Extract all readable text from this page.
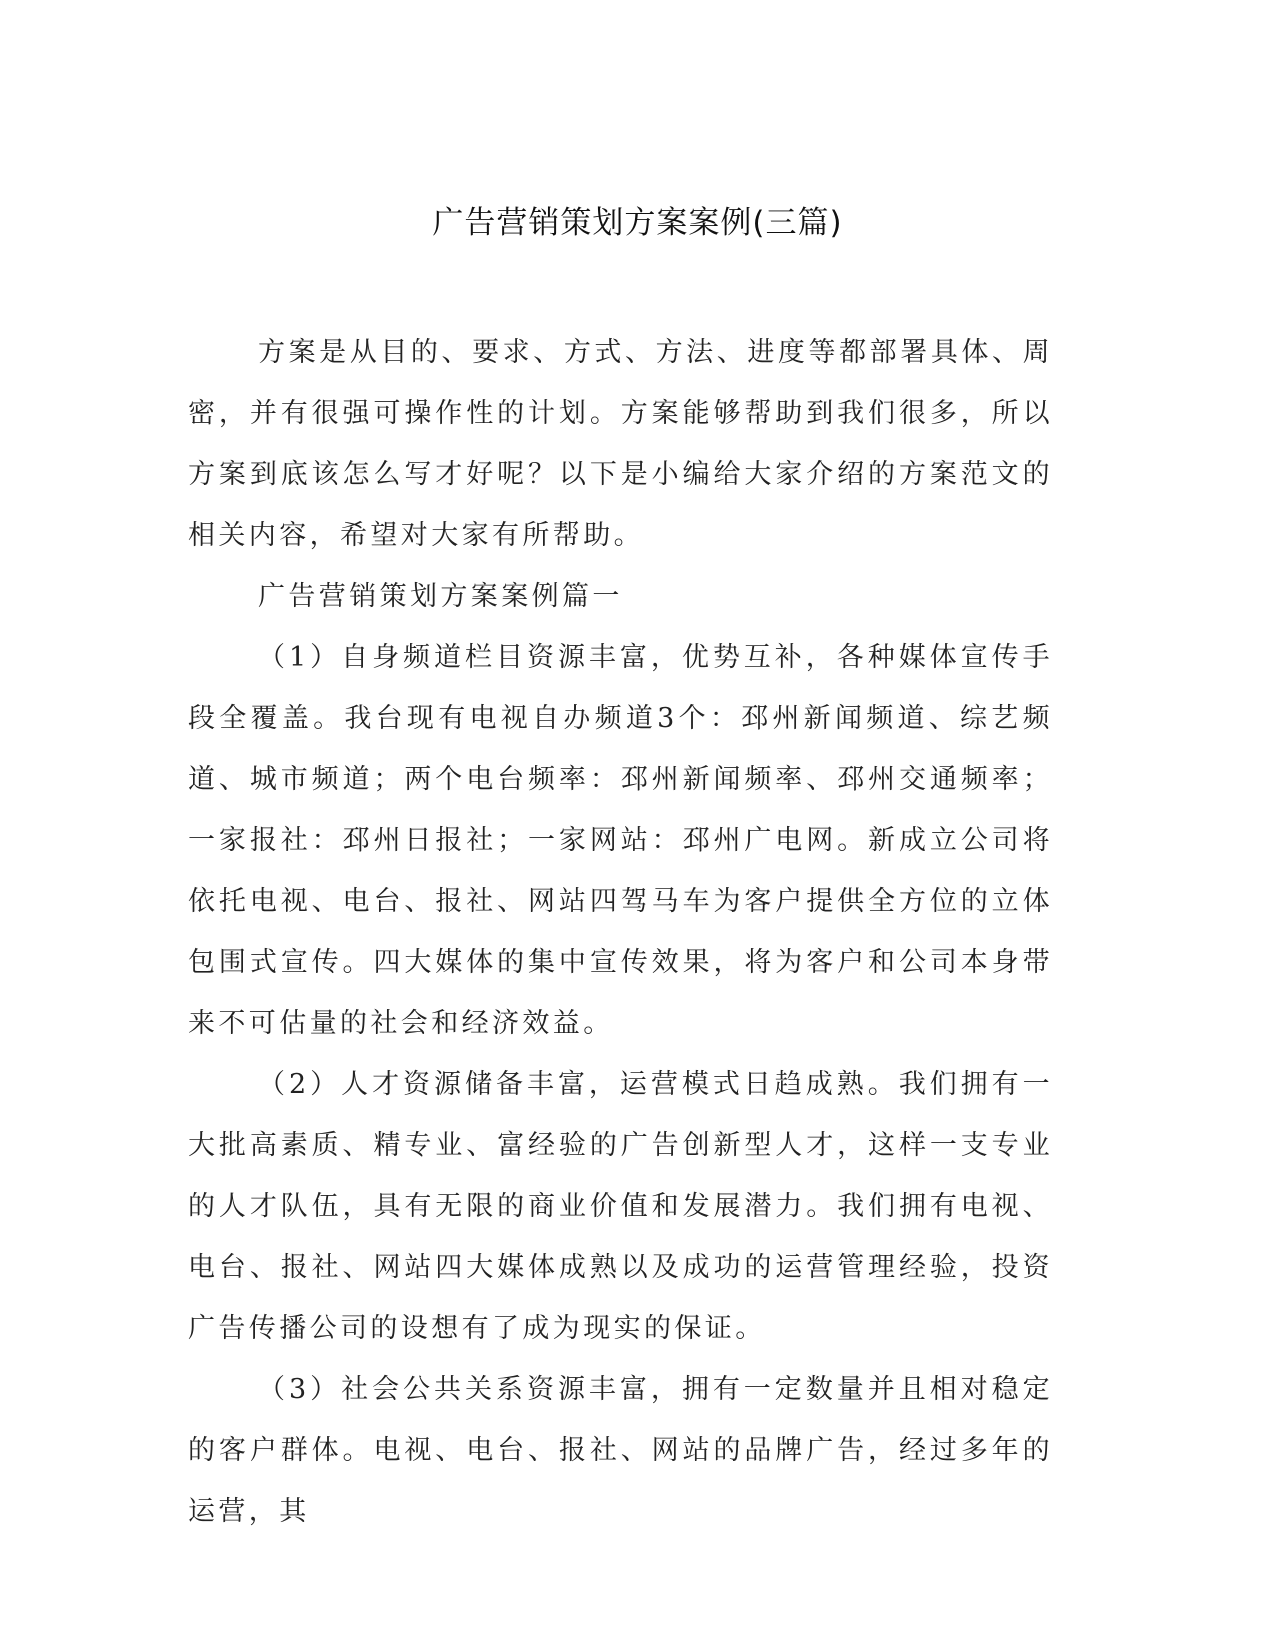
广告营销策划方案案例(三篇)

方案是从目的、要求、方式、方法、进度等都部署具体、周密，并有很强可操作性的计划。方案能够帮助到我们很多，所以方案到底该怎么写才好呢？以下是小编给大家介绍的方案范文的相关内容，希望对大家有所帮助。

广告营销策划方案案例篇一

（1）自身频道栏目资源丰富，优势互补，各种媒体宣传手段全覆盖。我台现有电视自办频道3个：邳州新闻频道、综艺频道、城市频道；两个电台频率：邳州新闻频率、邳州交通频率；一家报社：邳州日报社；一家网站：邳州广电网。新成立公司将依托电视、电台、报社、网站四驾马车为客户提供全方位的立体包围式宣传。四大媒体的集中宣传效果，将为客户和公司本身带来不可估量的社会和经济效益。

（2）人才资源储备丰富，运营模式日趋成熟。我们拥有一大批高素质、精专业、富经验的广告创新型人才，这样一支专业的人才队伍，具有无限的商业价值和发展潜力。我们拥有电视、电台、报社、网站四大媒体成熟以及成功的运营管理经验，投资广告传播公司的设想有了成为现实的保证。

（3）社会公共关系资源丰富，拥有一定数量并且相对稳定的客户群体。电视、电台、报社、网站的品牌广告，经过多年的运营，其
